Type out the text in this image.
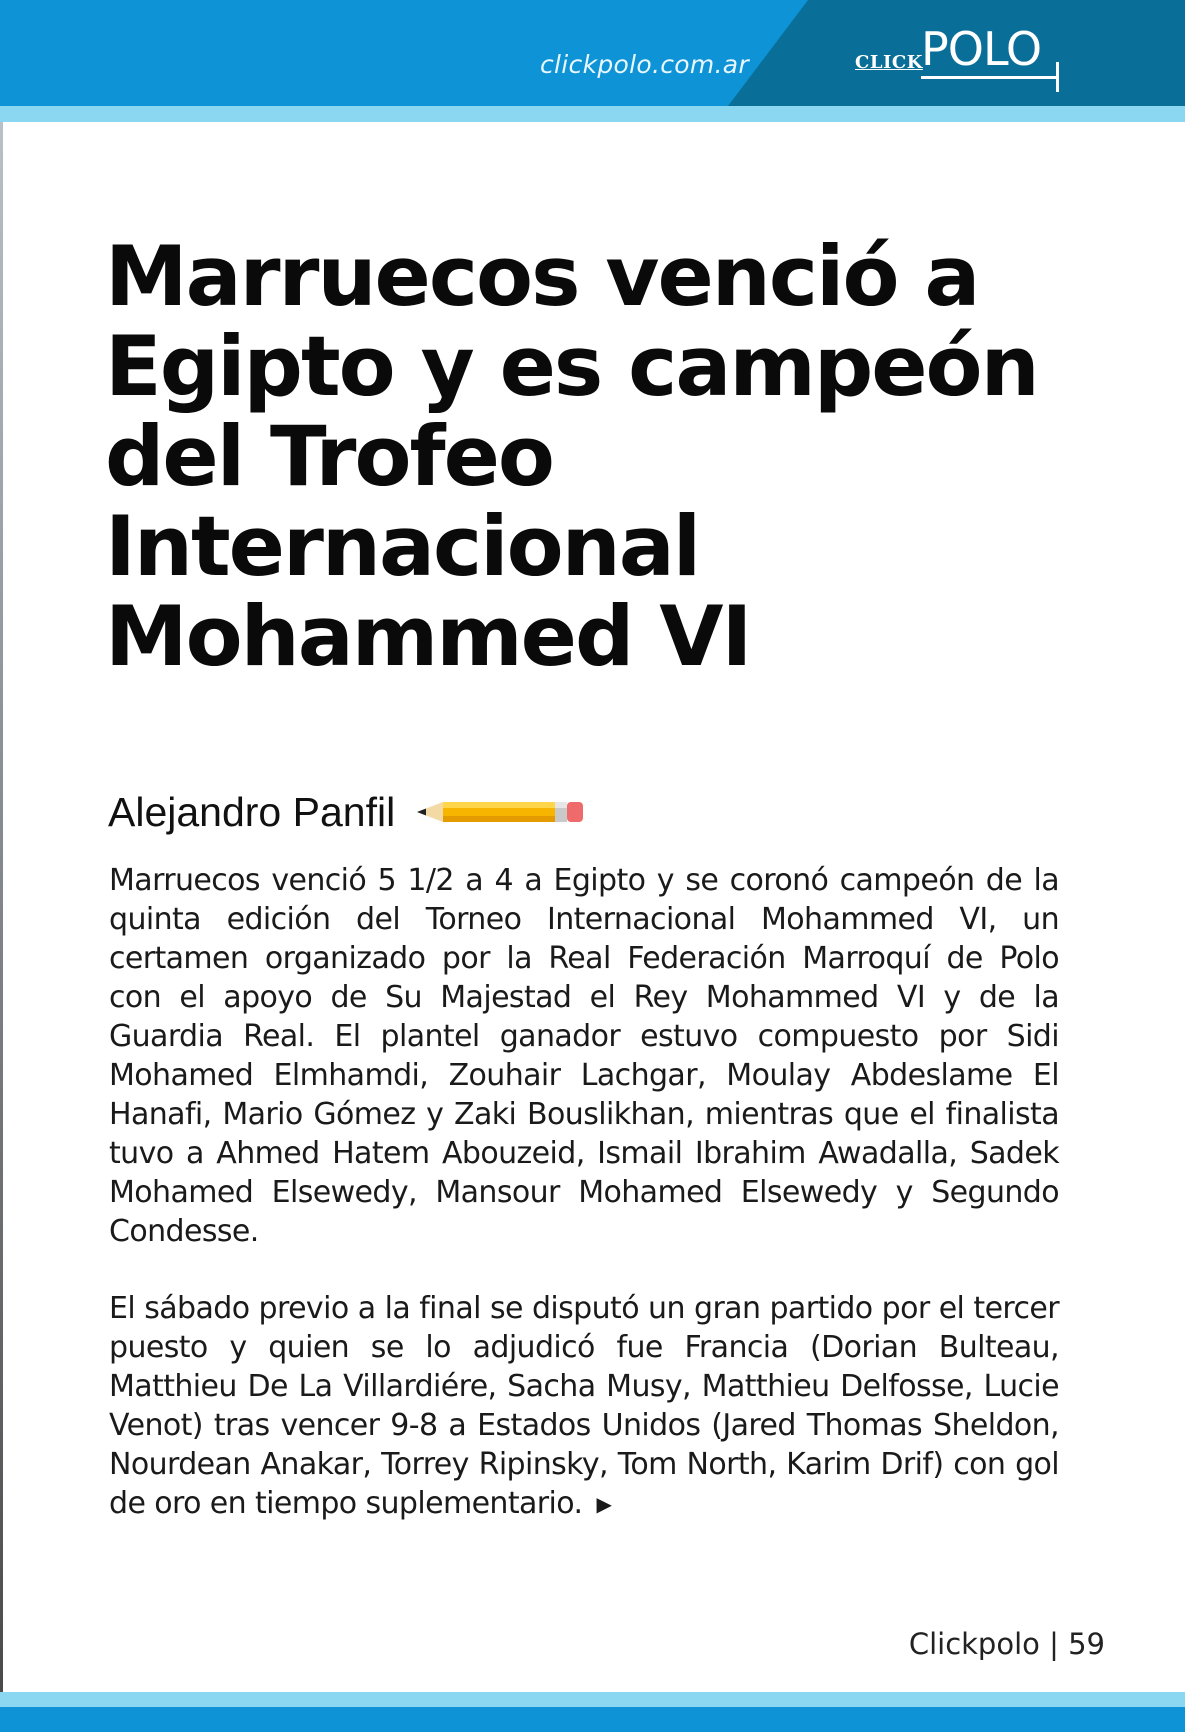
clickpolo.com.ar	CLICK
POLO
Marruecos venció a Egipto y es campeón del Trofeo Internacional Mohammed VI
Alejandro Panfil

Marruecos venció 5 1/2 a 4 a Egipto y se coronó campeón de la quinta edición del Torneo Internacional Mohammed VI, un certamen organizado por la Real Federación Marroquí de Polo con el apoyo de Su Majestad el Rey Mohammed VI y de la Guardia Real. El plantel ganador estuvo compuesto por Sidi Mohamed Elmhamdi, Zouhair Lachgar, Moulay Abdeslame El Hanafi, Mario Gómez y Zaki Bouslikhan, mientras que el finalista tuvo a Ahmed Hatem Abouzeid, Ismail Ibrahim Awadalla, Sadek Mohamed Elsewedy, Mansour Mohamed Elsewedy y Segundo Condesse.

El sábado previo a la final se disputó un gran partido por el tercer puesto y quien se lo adjudicó fue Francia (Dorian Bulteau, Matthieu De La Villardiére, Sacha Musy, Matthieu Delfosse, Lucie Venot) tras vencer 9-8 a Estados Unidos (Jared Thomas Sheldon, Nourdean Anakar, Torrey Ripinsky, Tom North, Karim Drif) con gol de oro en tiempo suplementario. ▶

Clickpolo | 59
